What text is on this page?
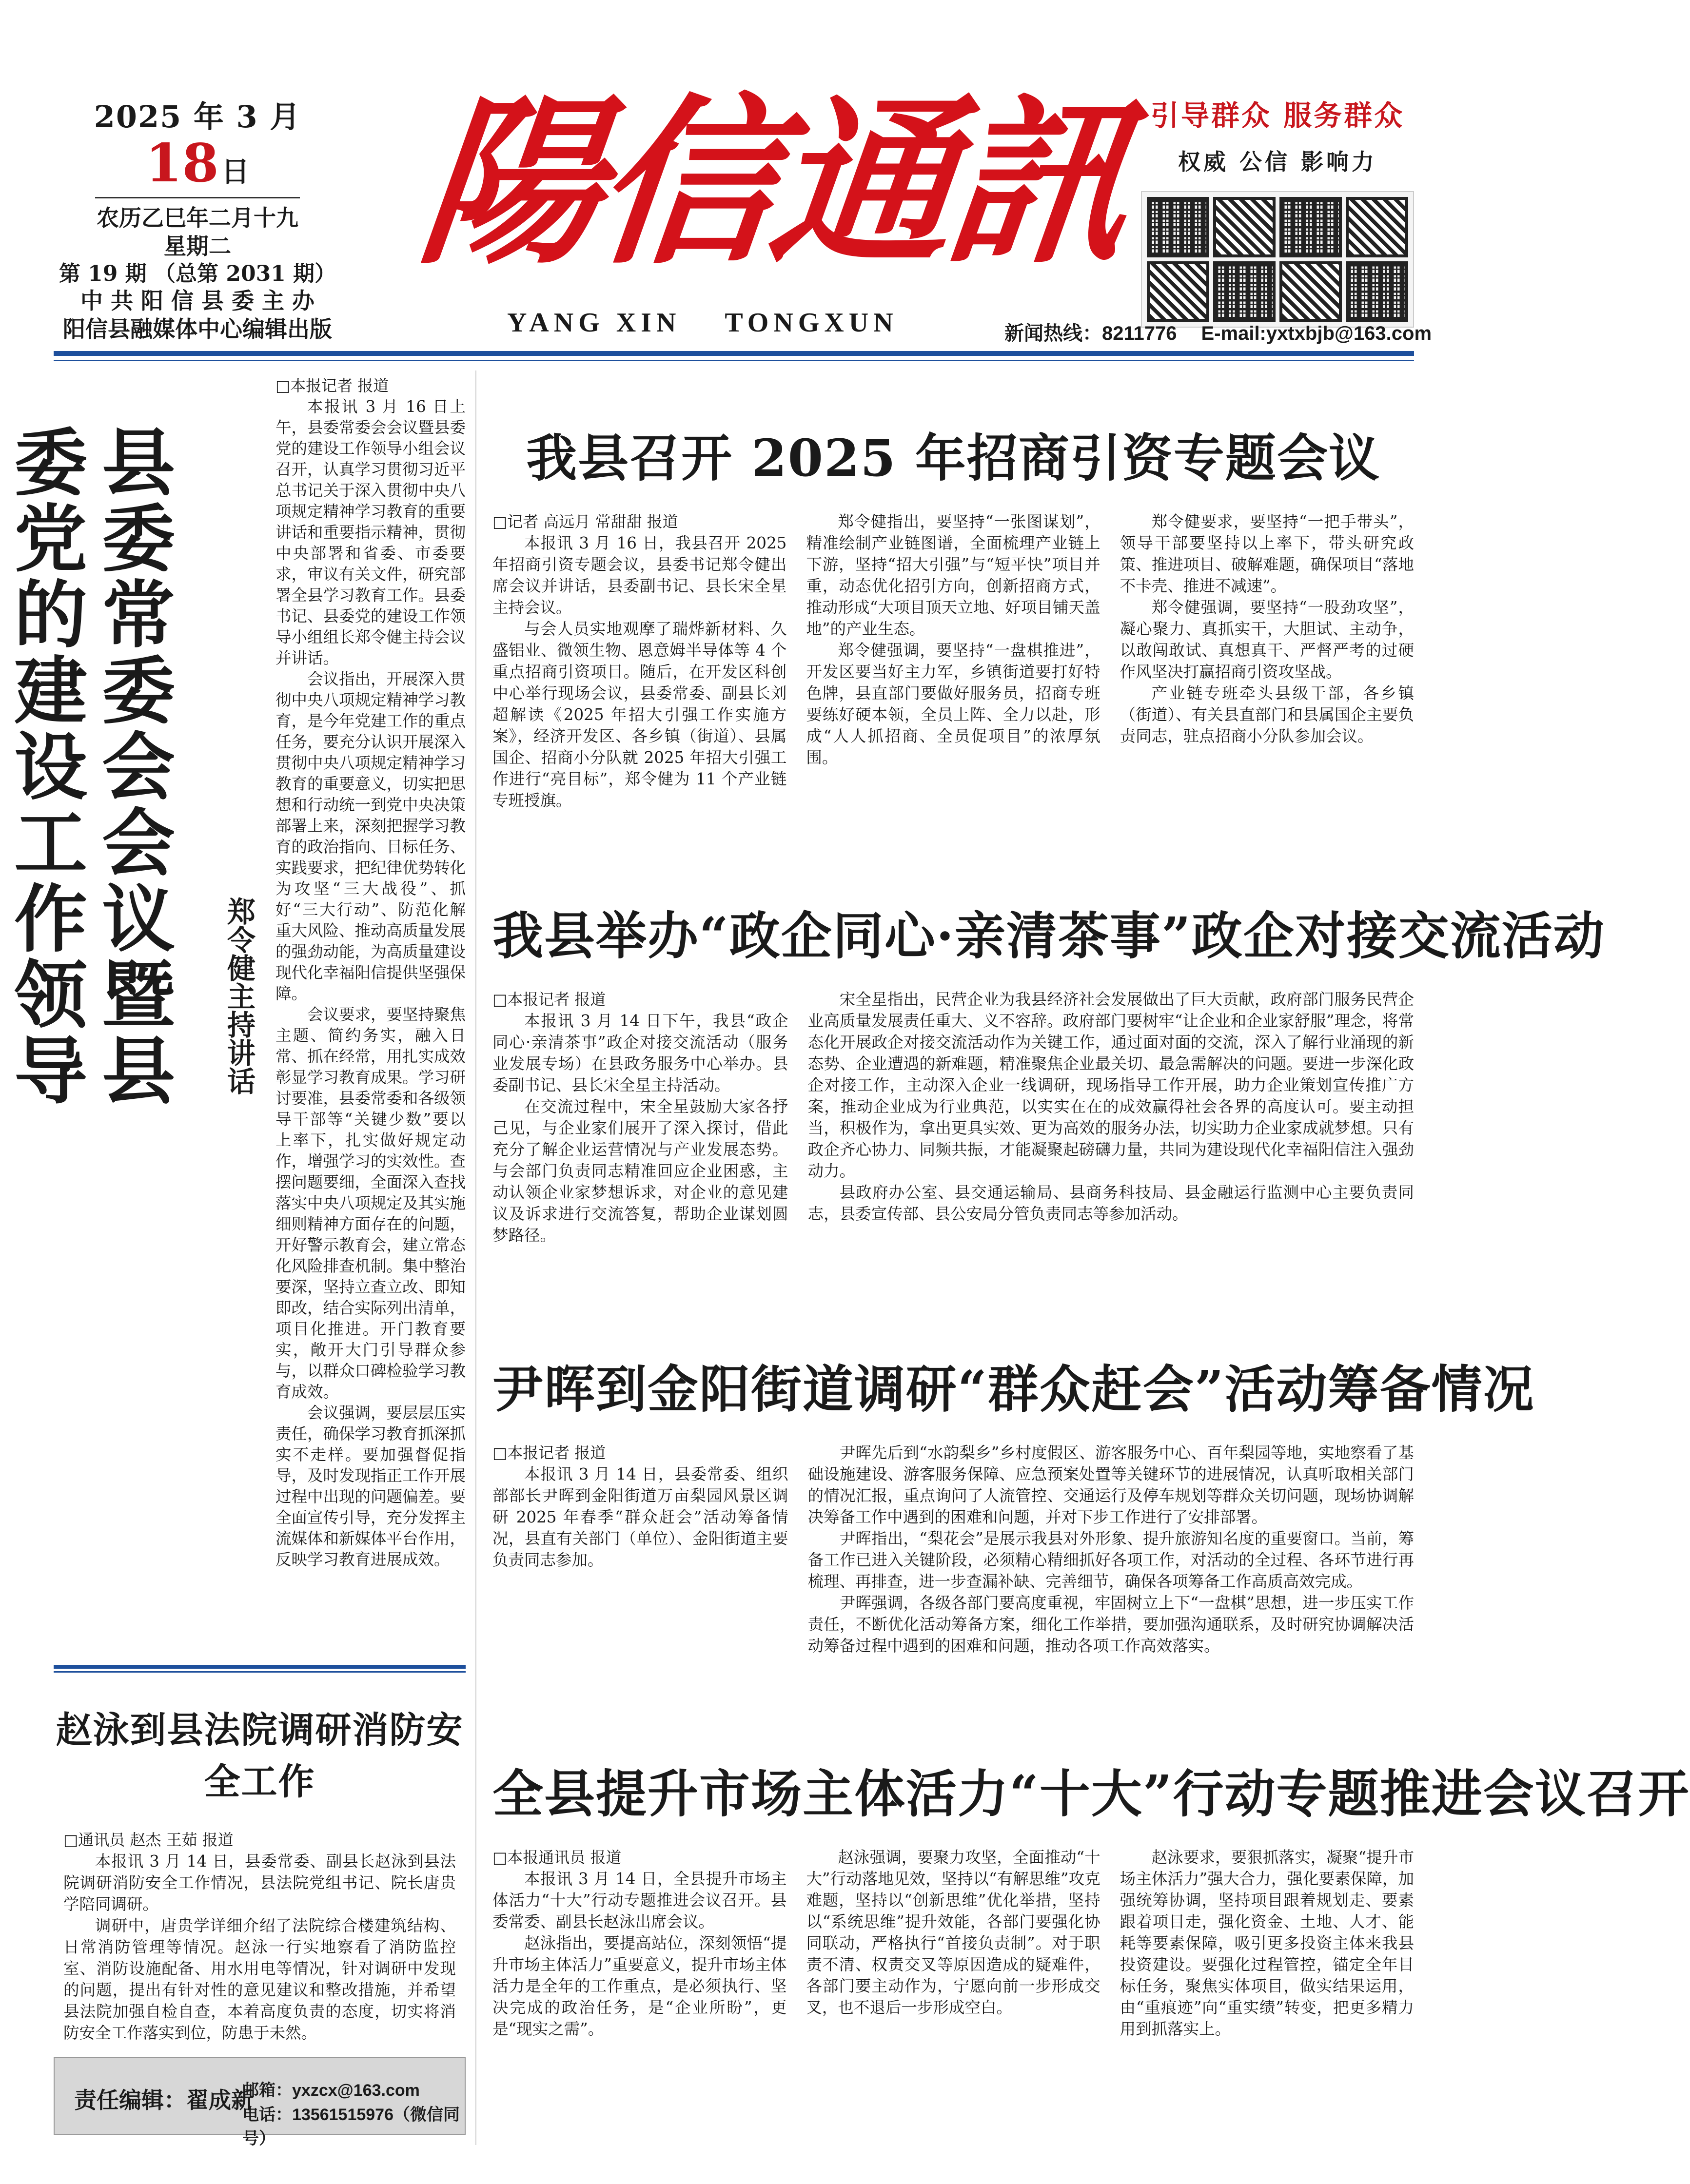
2025 年 3 月
18 日
农历乙巳年二月十九
星期二
第 19 期 （总第 2031 期）
中 共 阳 信 县 委 主 办
阳信县融媒体中心编辑出版
陽信通訊
YANG XIN TONGXUN
引导群众 服务群众
权威 公信 影响力
新闻热线：8211776 E-mail:yxtxbjb@163.com
县委常委会会议暨县委党的建设工作领导	郑令健主持讲话
□本报记者 报道

本报讯 3 月 16 日上午，县委常委会会议暨县委党的建设工作领导小组会议召开，认真学习贯彻习近平总书记关于深入贯彻中央八项规定精神学习教育的重要讲话和重要指示精神，贯彻中央部署和省委、市委要求，审议有关文件，研究部署全县学习教育工作。县委书记、县委党的建设工作领导小组组长郑令健主持会议并讲话。

会议指出，开展深入贯彻中央八项规定精神学习教育，是今年党建工作的重点任务，要充分认识开展深入贯彻中央八项规定精神学习教育的重要意义，切实把思想和行动统一到党中央决策部署上来，深刻把握学习教育的政治指向、目标任务、实践要求，把纪律优势转化为攻坚“三大战役”、抓好“三大行动”、防范化解重大风险、推动高质量发展的强劲动能，为高质量建设现代化幸福阳信提供坚强保障。

会议要求，要坚持聚焦主题、简约务实，融入日常、抓在经常，用扎实成效彰显学习教育成果。学习研讨要准，县委常委和各级领导干部等“关键少数”要以上率下，扎实做好规定动作，增强学习的实效性。查摆问题要细，全面深入查找落实中央八项规定及其实施细则精神方面存在的问题，开好警示教育会，建立常态化风险排查机制。集中整治要深，坚持立查立改、即知即改，结合实际列出清单，项目化推进。开门教育要实，敞开大门引导群众参与，以群众口碑检验学习教育成效。

会议强调，要层层压实责任，确保学习教育抓深抓实不走样。要加强督促指导，及时发现指正工作开展过程中出现的问题偏差。要全面宣传引导，充分发挥主流媒体和新媒体平台作用，反映学习教育进展成效。

赵泳到县法院调研消防安全工作
□通讯员 赵杰 王茹 报道

本报讯 3 月 14 日，县委常委、副县长赵泳到县法院调研消防安全工作情况，县法院党组书记、院长唐贵学陪同调研。

调研中，唐贵学详细介绍了法院综合楼建筑结构、日常消防管理等情况。赵泳一行实地察看了消防监控室、消防设施配备、用水用电等情况，针对调研中发现的问题，提出有针对性的意见建议和整改措施，并希望县法院加强自检自查，本着高度负责的态度，切实将消防安全工作落实到位，防患于未然。

责任编辑：翟成新
邮箱：yxzcx@163.com
电话：13561515976（微信同号）
我县召开 2025 年招商引资专题会议
□记者 高远月 常甜甜 报道

本报讯 3 月 16 日，我县召开 2025 年招商引资专题会议，县委书记郑令健出席会议并讲话，县委副书记、县长宋全星主持会议。

与会人员实地观摩了瑞烨新材料、久盛铝业、微领生物、恩意姆半导体等 4 个重点招商引资项目。随后，在开发区科创中心举行现场会议，县委常委、副县长刘超解读《2025 年招大引强工作实施方案》，经济开发区、各乡镇（街道）、县属国企、招商小分队就 2025 年招大引强工作进行“亮目标”，郑令健为 11 个产业链专班授旗。

郑令健指出，要坚持“一张图谋划”，精准绘制产业链图谱，全面梳理产业链上下游，坚持“招大引强”与“短平快”项目并重，动态优化招引方向，创新招商方式，推动形成“大项目顶天立地、好项目铺天盖地”的产业生态。

郑令健强调，要坚持“一盘棋推进”，开发区要当好主力军，乡镇街道要打好特色牌，县直部门要做好服务员，招商专班要练好硬本领，全员上阵、全力以赴，形成“人人抓招商、全员促项目”的浓厚氛围。

郑令健要求，要坚持“一把手带头”，领导干部要坚持以上率下，带头研究政策、推进项目、破解难题，确保项目“落地不卡壳、推进不减速”。

郑令健强调，要坚持“一股劲攻坚”，凝心聚力、真抓实干，大胆试、主动争，以敢闯敢试、真想真干、严督严考的过硬作风坚决打赢招商引资攻坚战。

产业链专班牵头县级干部，各乡镇（街道）、有关县直部门和县属国企主要负责同志，驻点招商小分队参加会议。

我县举办“政企同心·亲清茶事”政企对接交流活动
□本报记者 报道

本报讯 3 月 14 日下午，我县“政企同心·亲清茶事”政企对接交流活动（服务业发展专场）在县政务服务中心举办。县委副书记、县长宋全星主持活动。

在交流过程中，宋全星鼓励大家各抒己见，与企业家们展开了深入探讨，借此充分了解企业运营情况与产业发展态势。与会部门负责同志精准回应企业困惑，主动认领企业家梦想诉求，对企业的意见建议及诉求进行交流答复，帮助企业谋划圆梦路径。

宋全星指出，民营企业为我县经济社会发展做出了巨大贡献，政府部门服务民营企业高质量发展责任重大、义不容辞。政府部门要树牢“让企业和企业家舒服”理念，将常态化开展政企对接交流活动作为关键工作，通过面对面的交流，深入了解行业涌现的新态势、企业遭遇的新难题，精准聚焦企业最关切、最急需解决的问题。要进一步深化政企对接工作，主动深入企业一线调研，现场指导工作开展，助力企业策划宣传推广方案，推动企业成为行业典范，以实实在在的成效赢得社会各界的高度认可。要主动担当，积极作为，拿出更具实效、更为高效的服务办法，切实助力企业家成就梦想。只有政企齐心协力、同频共振，才能凝聚起磅礴力量，共同为建设现代化幸福阳信注入强劲动力。

县政府办公室、县交通运输局、县商务科技局、县金融运行监测中心主要负责同志，县委宣传部、县公安局分管负责同志等参加活动。

尹晖到金阳街道调研“群众赶会”活动筹备情况
□本报记者 报道

本报讯 3 月 14 日，县委常委、组织部部长尹晖到金阳街道万亩梨园风景区调研 2025 年春季“群众赶会”活动筹备情况，县直有关部门（单位）、金阳街道主要负责同志参加。

尹晖先后到“水韵梨乡”乡村度假区、游客服务中心、百年梨园等地，实地察看了基础设施建设、游客服务保障、应急预案处置等关键环节的进展情况，认真听取相关部门的情况汇报，重点询问了人流管控、交通运行及停车规划等群众关切问题，现场协调解决筹备工作中遇到的困难和问题，并对下步工作进行了安排部署。

尹晖指出，“梨花会”是展示我县对外形象、提升旅游知名度的重要窗口。当前，筹备工作已进入关键阶段，必须精心精细抓好各项工作，对活动的全过程、各环节进行再梳理、再排查，进一步查漏补缺、完善细节，确保各项筹备工作高质高效完成。

尹晖强调，各级各部门要高度重视，牢固树立上下“一盘棋”思想，进一步压实工作责任，不断优化活动筹备方案，细化工作举措，要加强沟通联系，及时研究协调解决活动筹备过程中遇到的困难和问题，推动各项工作高效落实。

全县提升市场主体活力“十大”行动专题推进会议召开
□本报通讯员 报道

本报讯 3 月 14 日，全县提升市场主体活力“十大”行动专题推进会议召开。县委常委、副县长赵泳出席会议。

赵泳指出，要提高站位，深刻领悟“提升市场主体活力”重要意义，提升市场主体活力是全年的工作重点，是必须执行、坚决完成的政治任务，是“企业所盼”，更是“现实之需”。

赵泳强调，要聚力攻坚，全面推动“十大”行动落地见效，坚持以“有解思维”攻克难题，坚持以“创新思维”优化举措，坚持以“系统思维”提升效能，各部门要强化协同联动，严格执行“首接负责制”。对于职责不清、权责交叉等原因造成的疑难件，各部门要主动作为，宁愿向前一步形成交叉，也不退后一步形成空白。

赵泳要求，要狠抓落实，凝聚“提升市场主体活力”强大合力，强化要素保障，加强统筹协调，坚持项目跟着规划走、要素跟着项目走，强化资金、土地、人才、能耗等要素保障，吸引更多投资主体来我县投资建设。要强化过程管控，锚定全年目标任务，聚焦实体项目，做实结果运用，由“重痕迹”向“重实绩”转变，把更多精力用到抓落实上。
